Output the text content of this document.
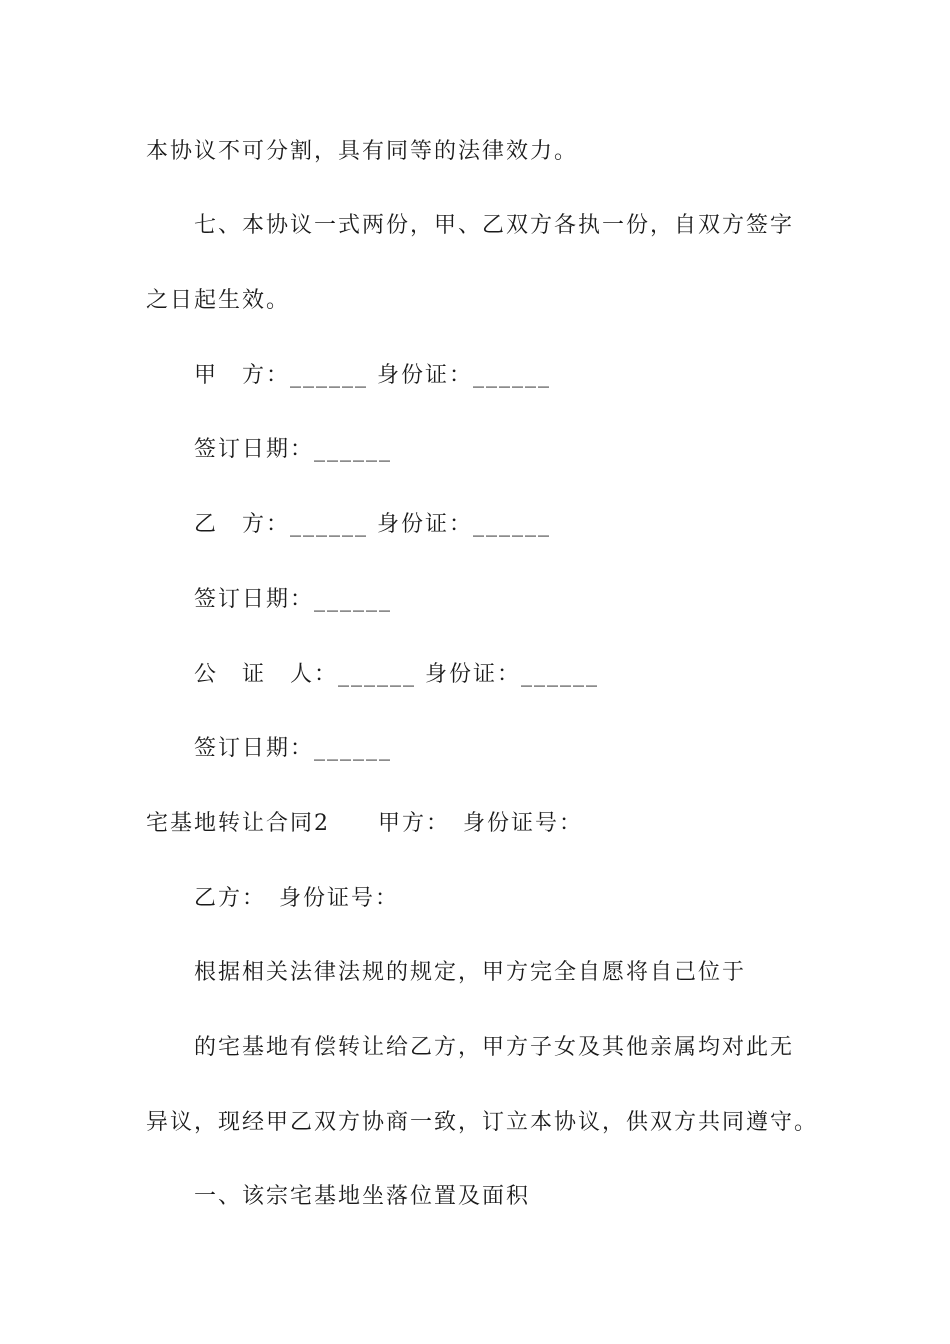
本协议不可分割，具有同等的法律效力。
七、本协议一式两份，甲、乙双方各执一份，自双方签字
之日起生效。
甲　方：______ 身份证：______
签订日期：______
乙　方：______ 身份证：______
签订日期：______
公　证　人：______ 身份证：______
签订日期：______
宅基地转让合同2　　甲方：　身份证号：
乙方：　身份证号：
根据相关法律法规的规定，甲方完全自愿将自己位于
的宅基地有偿转让给乙方，甲方子女及其他亲属均对此无
异议，现经甲乙双方协商一致，订立本协议，供双方共同遵守。
一、该宗宅基地坐落位置及面积
